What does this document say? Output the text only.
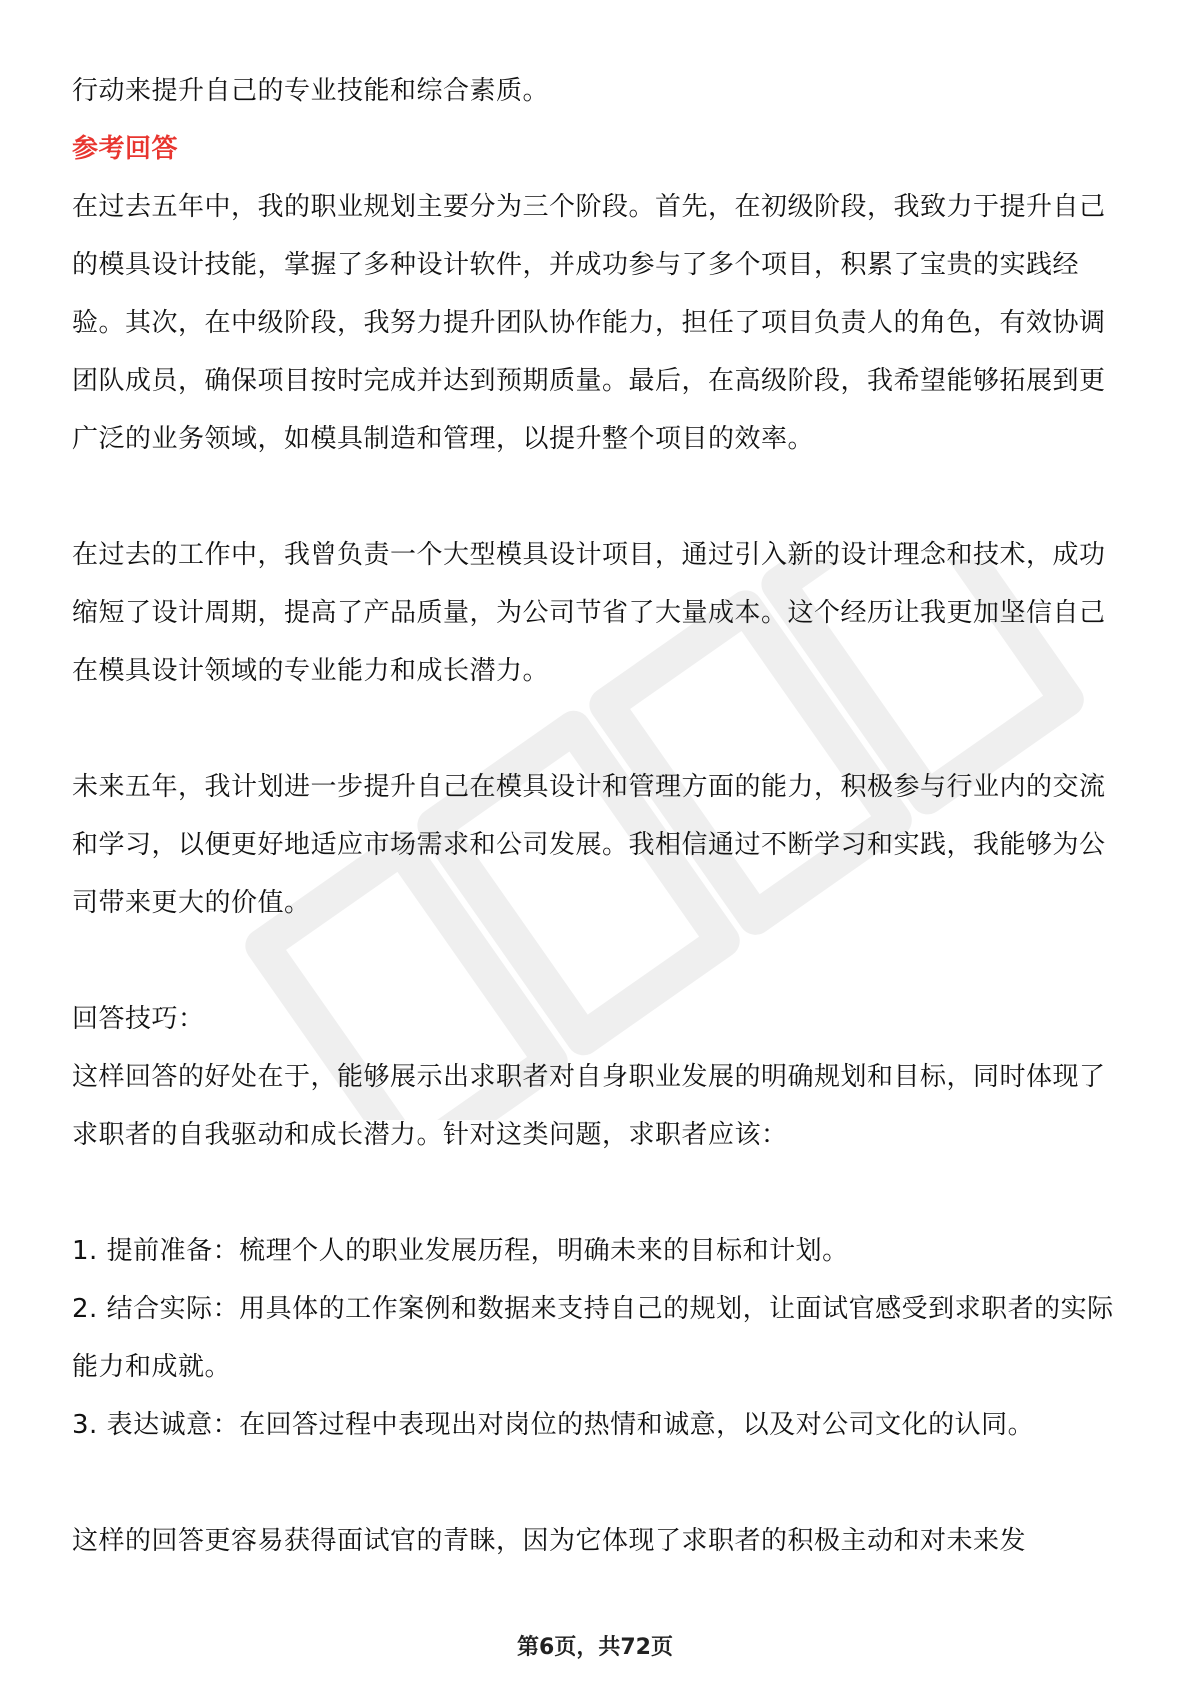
行动来提升自己的专业技能和综合素质。

参考回答

在过去五年中，我的职业规划主要分为三个阶段。首先，在初级阶段，我致力于提升自己的模具设计技能，掌握了多种设计软件，并成功参与了多个项目，积累了宝贵的实践经验。其次，在中级阶段，我努力提升团队协作能力，担任了项目负责人的角色，有效协调团队成员，确保项目按时完成并达到预期质量。最后，在高级阶段，我希望能够拓展到更广泛的业务领域，如模具制造和管理，以提升整个项目的效率。

在过去的工作中，我曾负责一个大型模具设计项目，通过引入新的设计理念和技术，成功缩短了设计周期，提高了产品质量，为公司节省了大量成本。这个经历让我更加坚信自己在模具设计领域的专业能力和成长潜力。

未来五年，我计划进一步提升自己在模具设计和管理方面的能力，积极参与行业内的交流和学习，以便更好地适应市场需求和公司发展。我相信通过不断学习和实践，我能够为公司带来更大的价值。

回答技巧：

这样回答的好处在于，能够展示出求职者对自身职业发展的明确规划和目标，同时体现了求职者的自我驱动和成长潜力。针对这类问题，求职者应该：

1. 提前准备：梳理个人的职业发展历程，明确未来的目标和计划。

2. 结合实际：用具体的工作案例和数据来支持自己的规划，让面试官感受到求职者的实际能力和成就。

3. 表达诚意：在回答过程中表现出对岗位的热情和诚意，以及对公司文化的认同。

这样的回答更容易获得面试官的青睐，因为它体现了求职者的积极主动和对未来发

第6页，共72页
